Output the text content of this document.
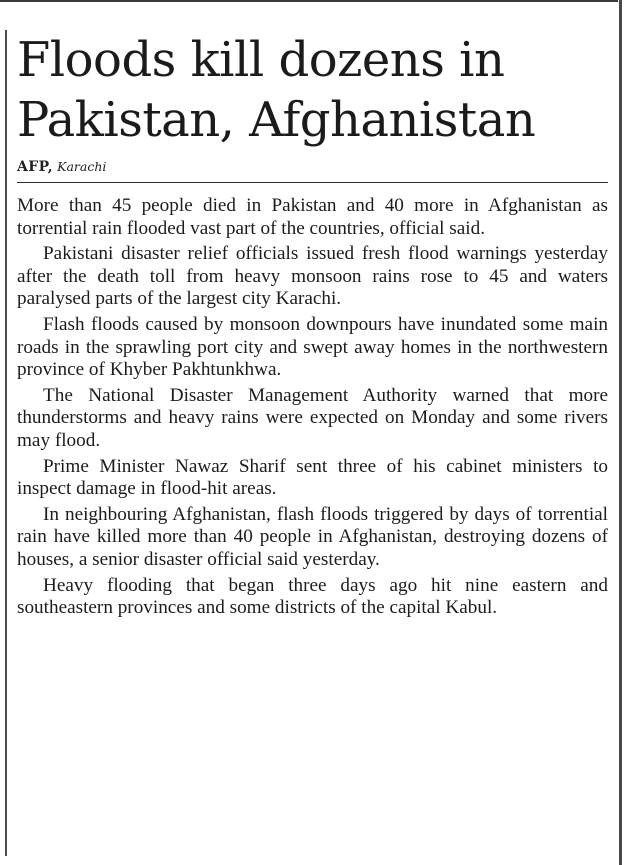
Floods kill dozens in
Pakistan, Afghanistan
AFP, Karachi

More than 45 people died in Pakistan and 40 more in Afghanistan as torrential rain flooded vast part of the countries, official said.

Pakistani disaster relief officials issued fresh flood warnings yesterday after the death toll from heavy monsoon rains rose to 45 and waters paralysed parts of the largest city Karachi.

Flash floods caused by monsoon downpours have inundated some main roads in the sprawling port city and swept away homes in the northwestern province of Khyber Pakhtunkhwa.

The National Disaster Management Authority warned that more thunderstorms and heavy rains were expected on Monday and some rivers may flood.

Prime Minister Nawaz Sharif sent three of his cabinet ministers to inspect damage in flood-hit areas.

In neighbouring Afghanistan, flash floods triggered by days of torrential rain have killed more than 40 people in Afghanistan, destroying dozens of houses, a senior disaster official said yesterday.

Heavy flooding that began three days ago hit nine eastern and southeastern provinces and some districts of the capital Kabul.
